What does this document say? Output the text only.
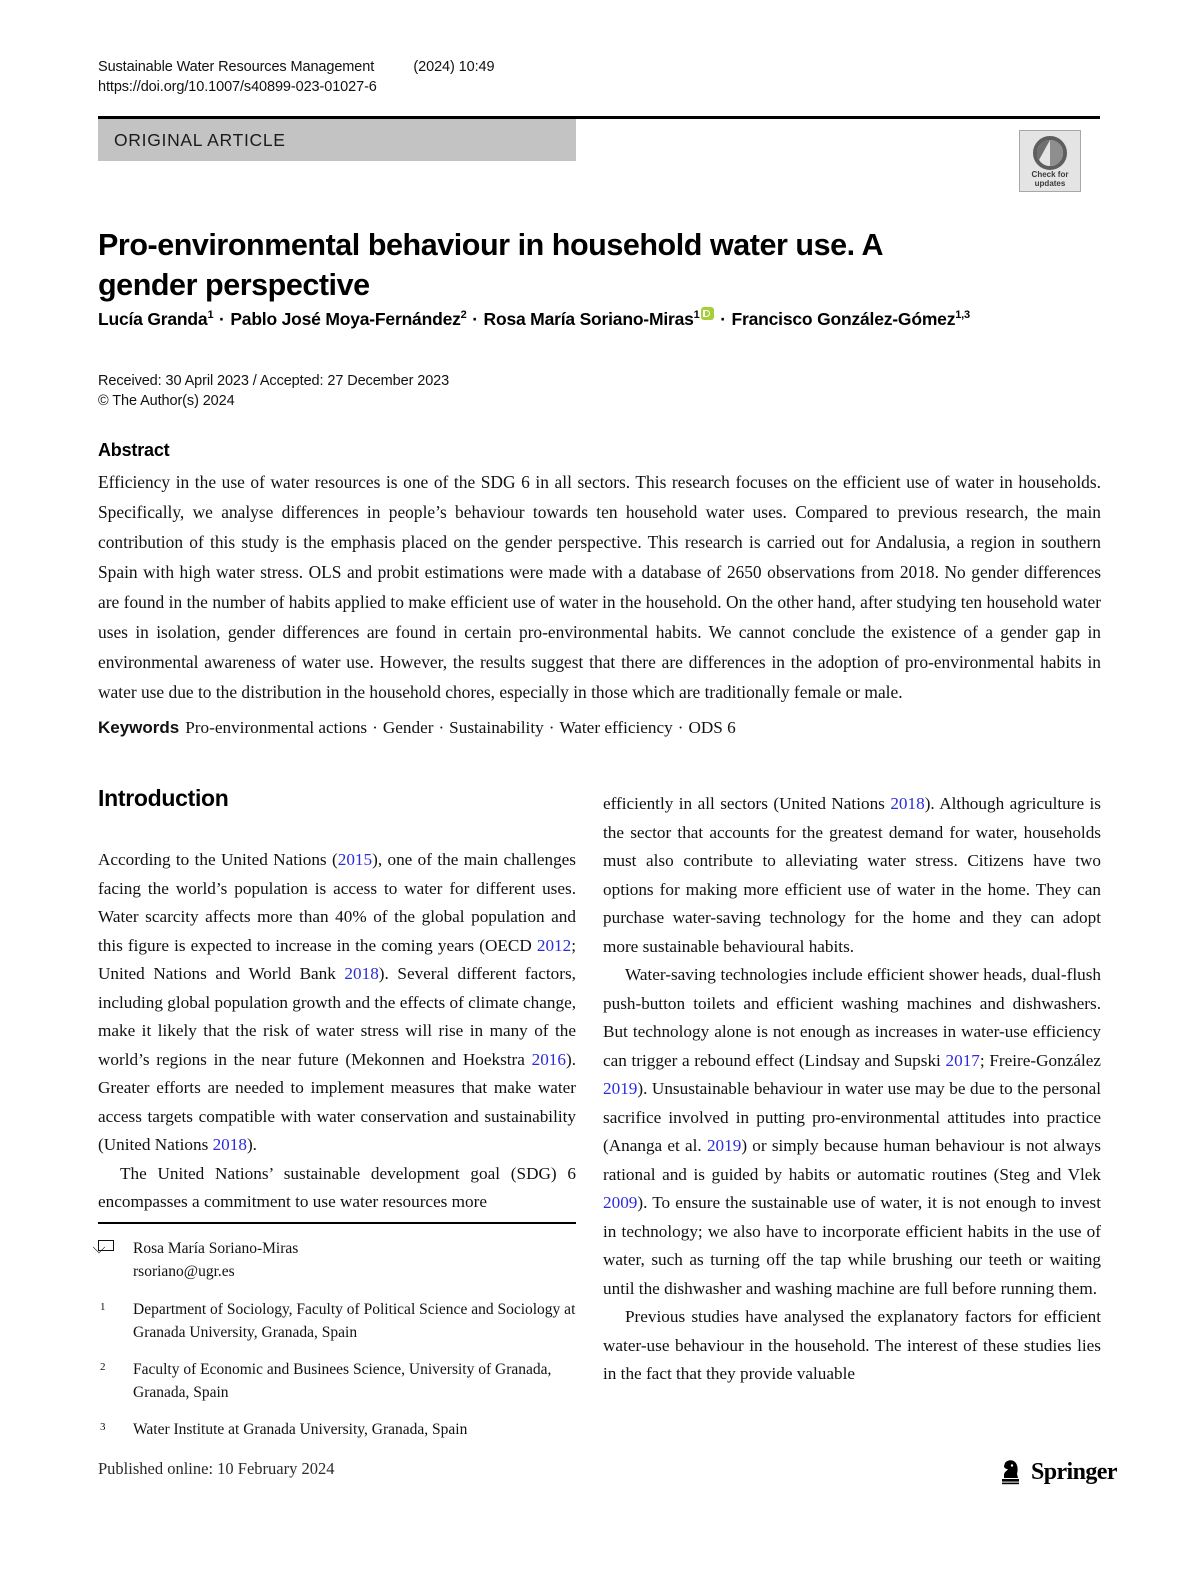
Sustainable Water Resources Management          (2024) 10:49
https://doi.org/10.1007/s40899-023-01027-6
ORIGINAL ARTICLE
Check for
updates
Pro-environmental behaviour in household water use. A gender perspective
Lucía Granda$^1$ · Pablo José Moya-Fernández$^2$ · Rosa María Soriano-Miras$^1$ · Francisco González-Gómez$^{1,3}$
Received: 30 April 2023 / Accepted: 27 December 2023
© The Author(s) 2024
Abstract
Efficiency in the use of water resources is one of the SDG 6 in all sectors. This research focuses on the efficient use of water in households. Specifically, we analyse differences in people’s behaviour towards ten household water uses. Compared to previous research, the main contribution of this study is the emphasis placed on the gender perspective. This research is carried out for Andalusia, a region in southern Spain with high water stress. OLS and probit estimations were made with a database of 2650 observations from 2018. No gender differences are found in the number of habits applied to make efficient use of water in the household. On the other hand, after studying ten household water uses in isolation, gender differences are found in certain pro-environmental habits. We cannot conclude the existence of a gender gap in environmental awareness of water use. However, the results suggest that there are differences in the adoption of pro-environmental habits in water use due to the distribution in the household chores, especially in those which are traditionally female or male.
Keywords Pro-environmental actions · Gender · Sustainability · Water efficiency · ODS 6
Introduction

According to the United Nations (2015), one of the main challenges facing the world’s population is access to water for different uses. Water scarcity affects more than 40% of the global population and this figure is expected to increase in the coming years (OECD 2012; United Nations and World Bank 2018). Several different factors, including global population growth and the effects of climate change, make it likely that the risk of water stress will rise in many of the world’s regions in the near future (Mekonnen and Hoekstra 2016). Greater efforts are needed to implement measures that make water access targets compatible with water conservation and sustainability (United Nations 2018).

The United Nations’ sustainable development goal (SDG) 6 encompasses a commitment to use water resources more

efficiently in all sectors (United Nations 2018). Although agriculture is the sector that accounts for the greatest demand for water, households must also contribute to alleviating water stress. Citizens have two options for making more efficient use of water in the home. They can purchase water-saving technology for the home and they can adopt more sustainable behavioural habits.

Water-saving technologies include efficient shower heads, dual-flush push-button toilets and efficient washing machines and dishwashers. But technology alone is not enough as increases in water-use efficiency can trigger a rebound effect (Lindsay and Supski 2017; Freire-González 2019). Unsustainable behaviour in water use may be due to the personal sacrifice involved in putting pro-environmental attitudes into practice (Ananga et al. 2019) or simply because human behaviour is not always rational and is guided by habits or automatic routines (Steg and Vlek 2009). To ensure the sustainable use of water, it is not enough to invest in technology; we also have to incorporate efficient habits in the use of water, such as turning off the tap while brushing our teeth or waiting until the dishwasher and washing machine are full before running them.

Previous studies have analysed the explanatory factors for efficient water-use behaviour in the household. The interest of these studies lies in the fact that they provide valuable

Rosa María Soriano-Miras
rsoriano@ugr.es
1 Department of Sociology, Faculty of Political Science and Sociology at Granada University, Granada, Spain
2 Faculty of Economic and Businees Science, University of Granada, Granada, Spain
3 Water Institute at Granada University, Granada, Spain
Published online: 10 February 2024	Springer
